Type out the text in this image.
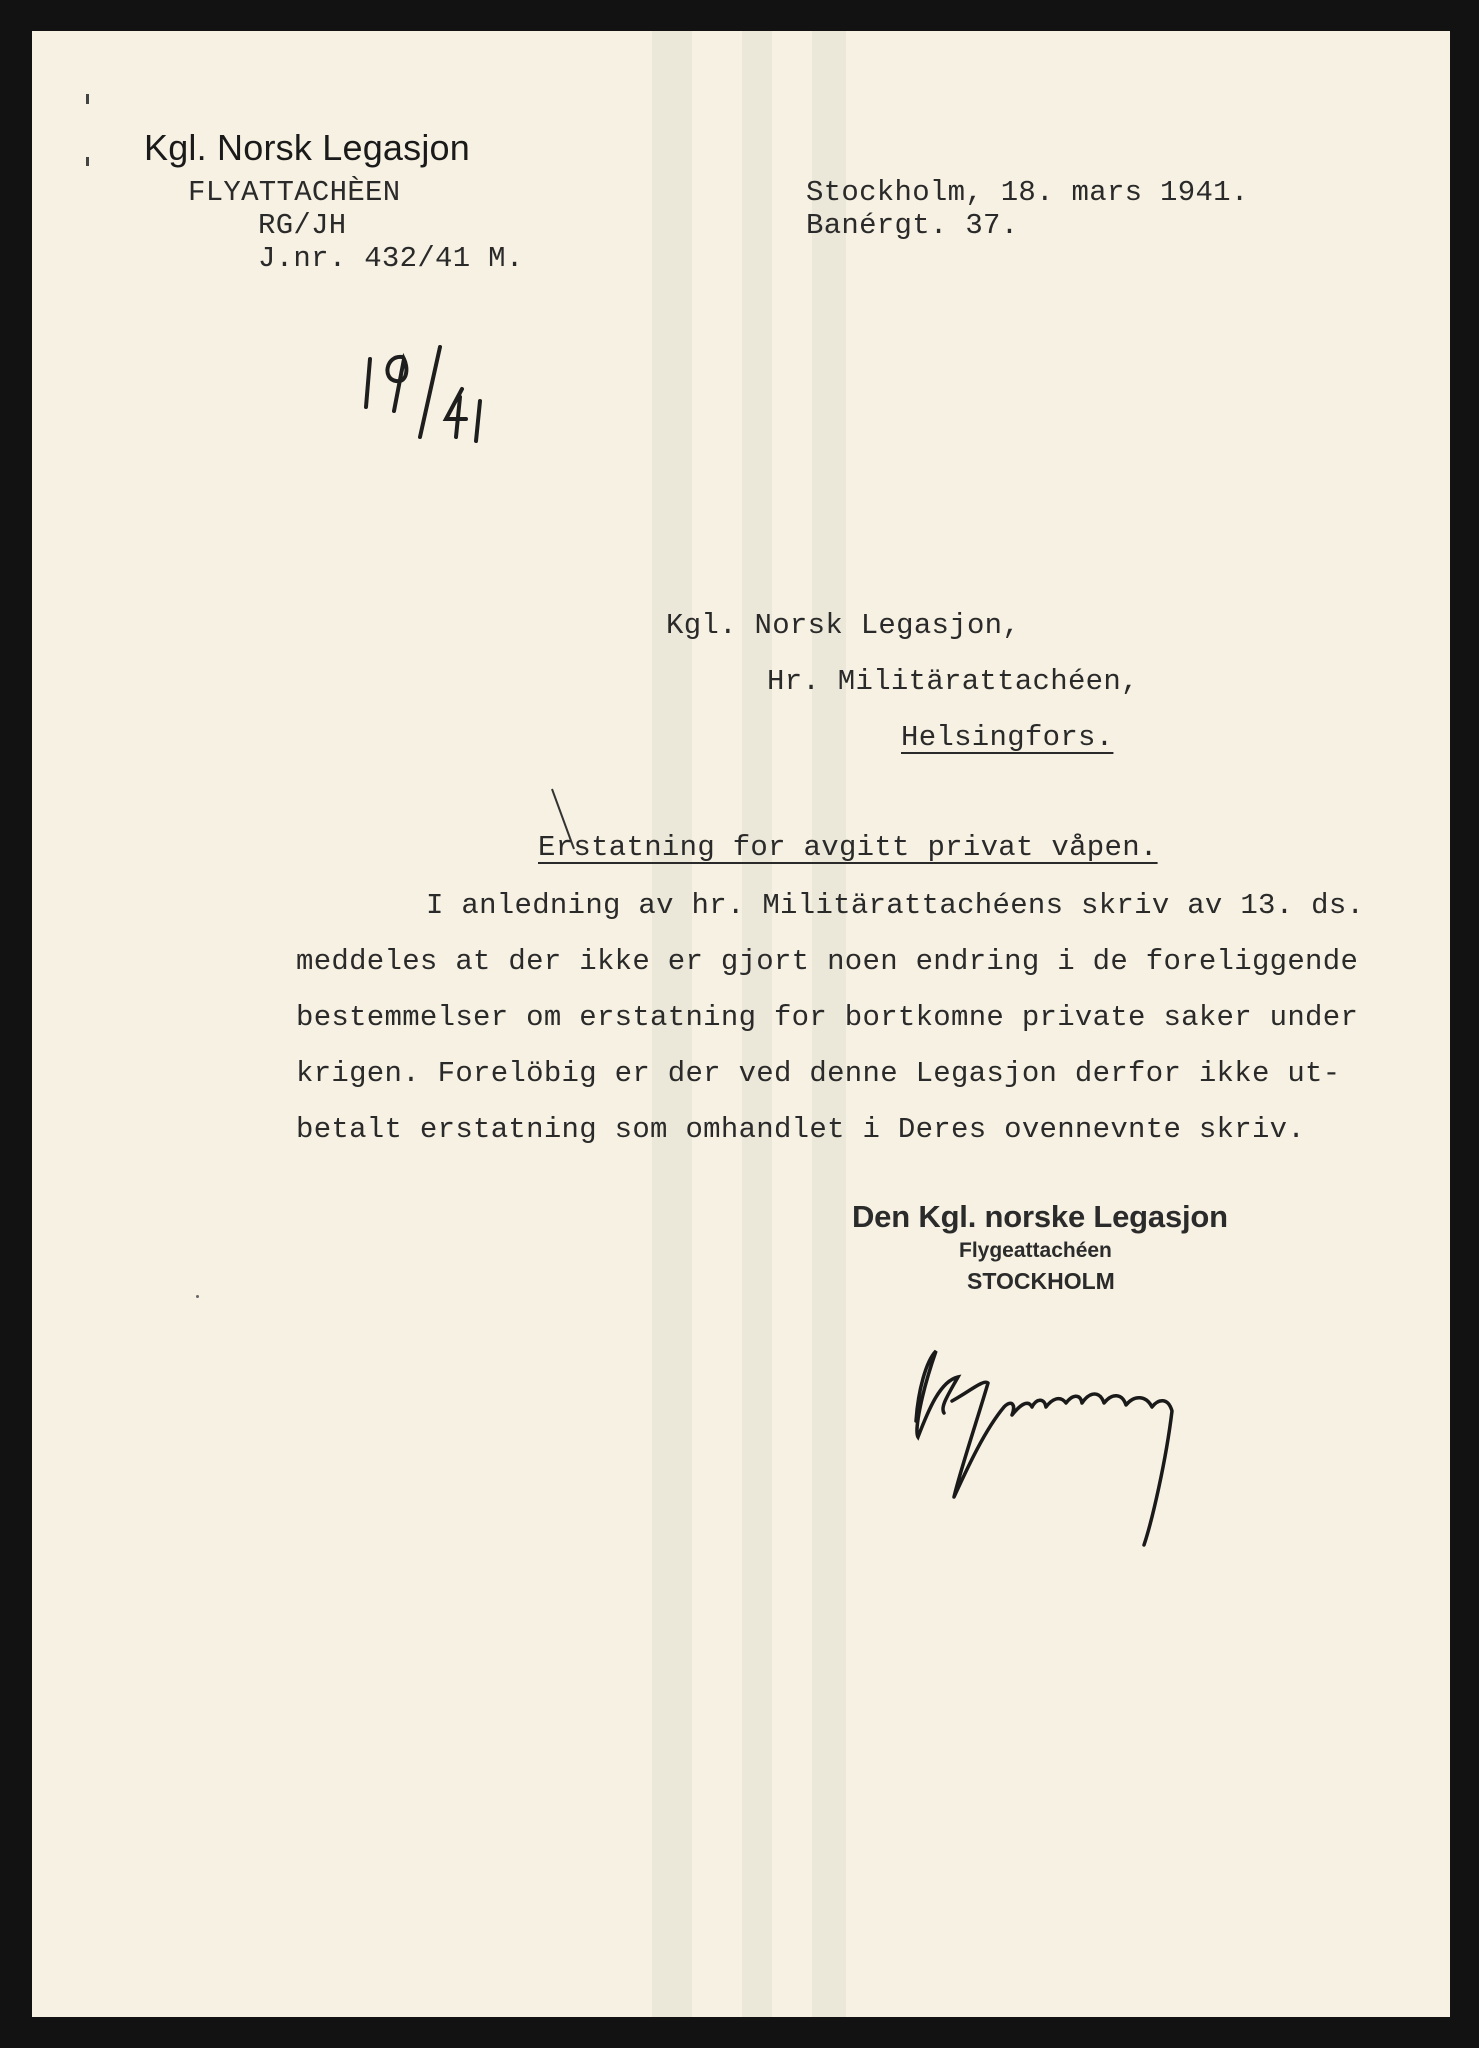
Kgl. Norsk Legasjon
FLYATTACHÈEN
RG/JH
J.nr. 432/41 M.
Stockholm, 18. mars 1941.
Banérgt. 37.
Kgl. Norsk Legasjon,
Hr. Militärattachéen,
Helsingfors.
Erstatning for avgitt privat våpen.
I anledning av hr. Militärattachéens skriv av 13. ds.
meddeles at der ikke er gjort noen endring i de foreliggende
bestemmelser om erstatning for bortkomne private saker under
krigen. Forelöbig er der ved denne Legasjon derfor ikke ut-
betalt erstatning som omhandlet i Deres ovennevnte skriv.
Den Kgl. norske Legasjon
Flygeattachéen
STOCKHOLM
